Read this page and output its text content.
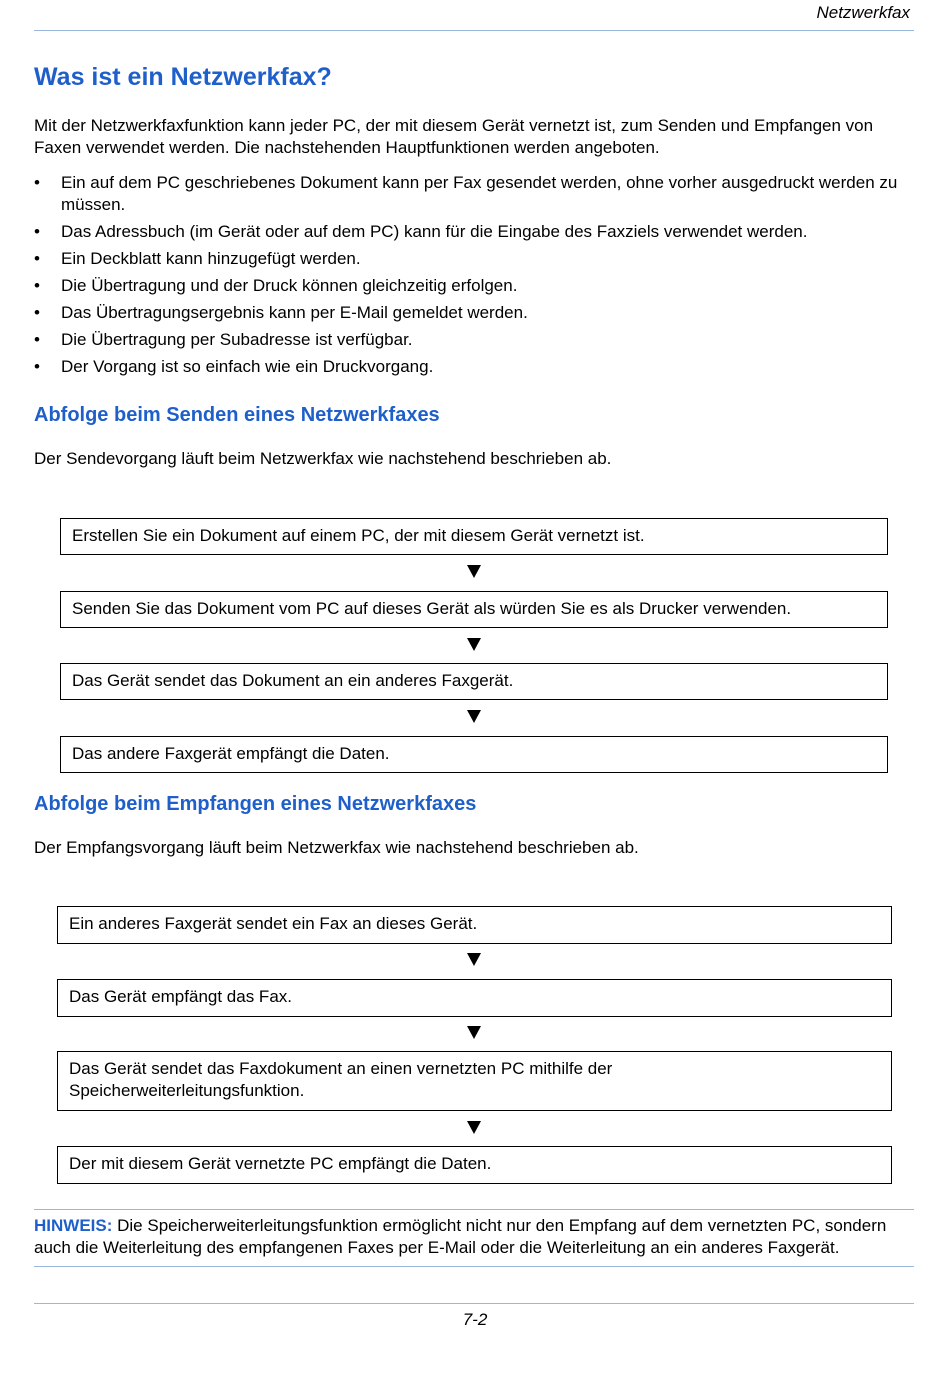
Netzwerkfax
Was ist ein Netzwerkfax?

Mit der Netzwerkfaxfunktion kann jeder PC, der mit diesem Gerät vernetzt ist, zum Senden und Empfangen von Faxen verwendet werden. Die nachstehenden Hauptfunktionen werden angeboten.

• Ein auf dem PC geschriebenes Dokument kann per Fax gesendet werden, ohne vorher ausgedruckt werden zu müssen.
• Das Adressbuch (im Gerät oder auf dem PC) kann für die Eingabe des Faxziels verwendet werden.
• Ein Deckblatt kann hinzugefügt werden.
• Die Übertragung und der Druck können gleichzeitig erfolgen.
• Das Übertragungsergebnis kann per E-Mail gemeldet werden.
• Die Übertragung per Subadresse ist verfügbar.
• Der Vorgang ist so einfach wie ein Druckvorgang.
Abfolge beim Senden eines Netzwerkfaxes

Der Sendevorgang läuft beim Netzwerkfax wie nachstehend beschrieben ab.

Erstellen Sie ein Dokument auf einem PC, der mit diesem Gerät vernetzt ist.
Senden Sie das Dokument vom PC auf dieses Gerät als würden Sie es als Drucker verwenden.
Das Gerät sendet das Dokument an ein anderes Faxgerät.
Das andere Faxgerät empfängt die Daten.
Abfolge beim Empfangen eines Netzwerkfaxes

Der Empfangsvorgang läuft beim Netzwerkfax wie nachstehend beschrieben ab.

Ein anderes Faxgerät sendet ein Fax an dieses Gerät.
Das Gerät empfängt das Fax.
Das Gerät sendet das Faxdokument an einen vernetzten PC mithilfe der Speicherweiterleitungsfunktion.
Der mit diesem Gerät vernetzte PC empfängt die Daten.
HINWEIS: Die Speicherweiterleitungsfunktion ermöglicht nicht nur den Empfang auf dem vernetzten PC, sondern auch die Weiterleitung des empfangenen Faxes per E-Mail oder die Weiterleitung an ein anderes Faxgerät.
7-2
